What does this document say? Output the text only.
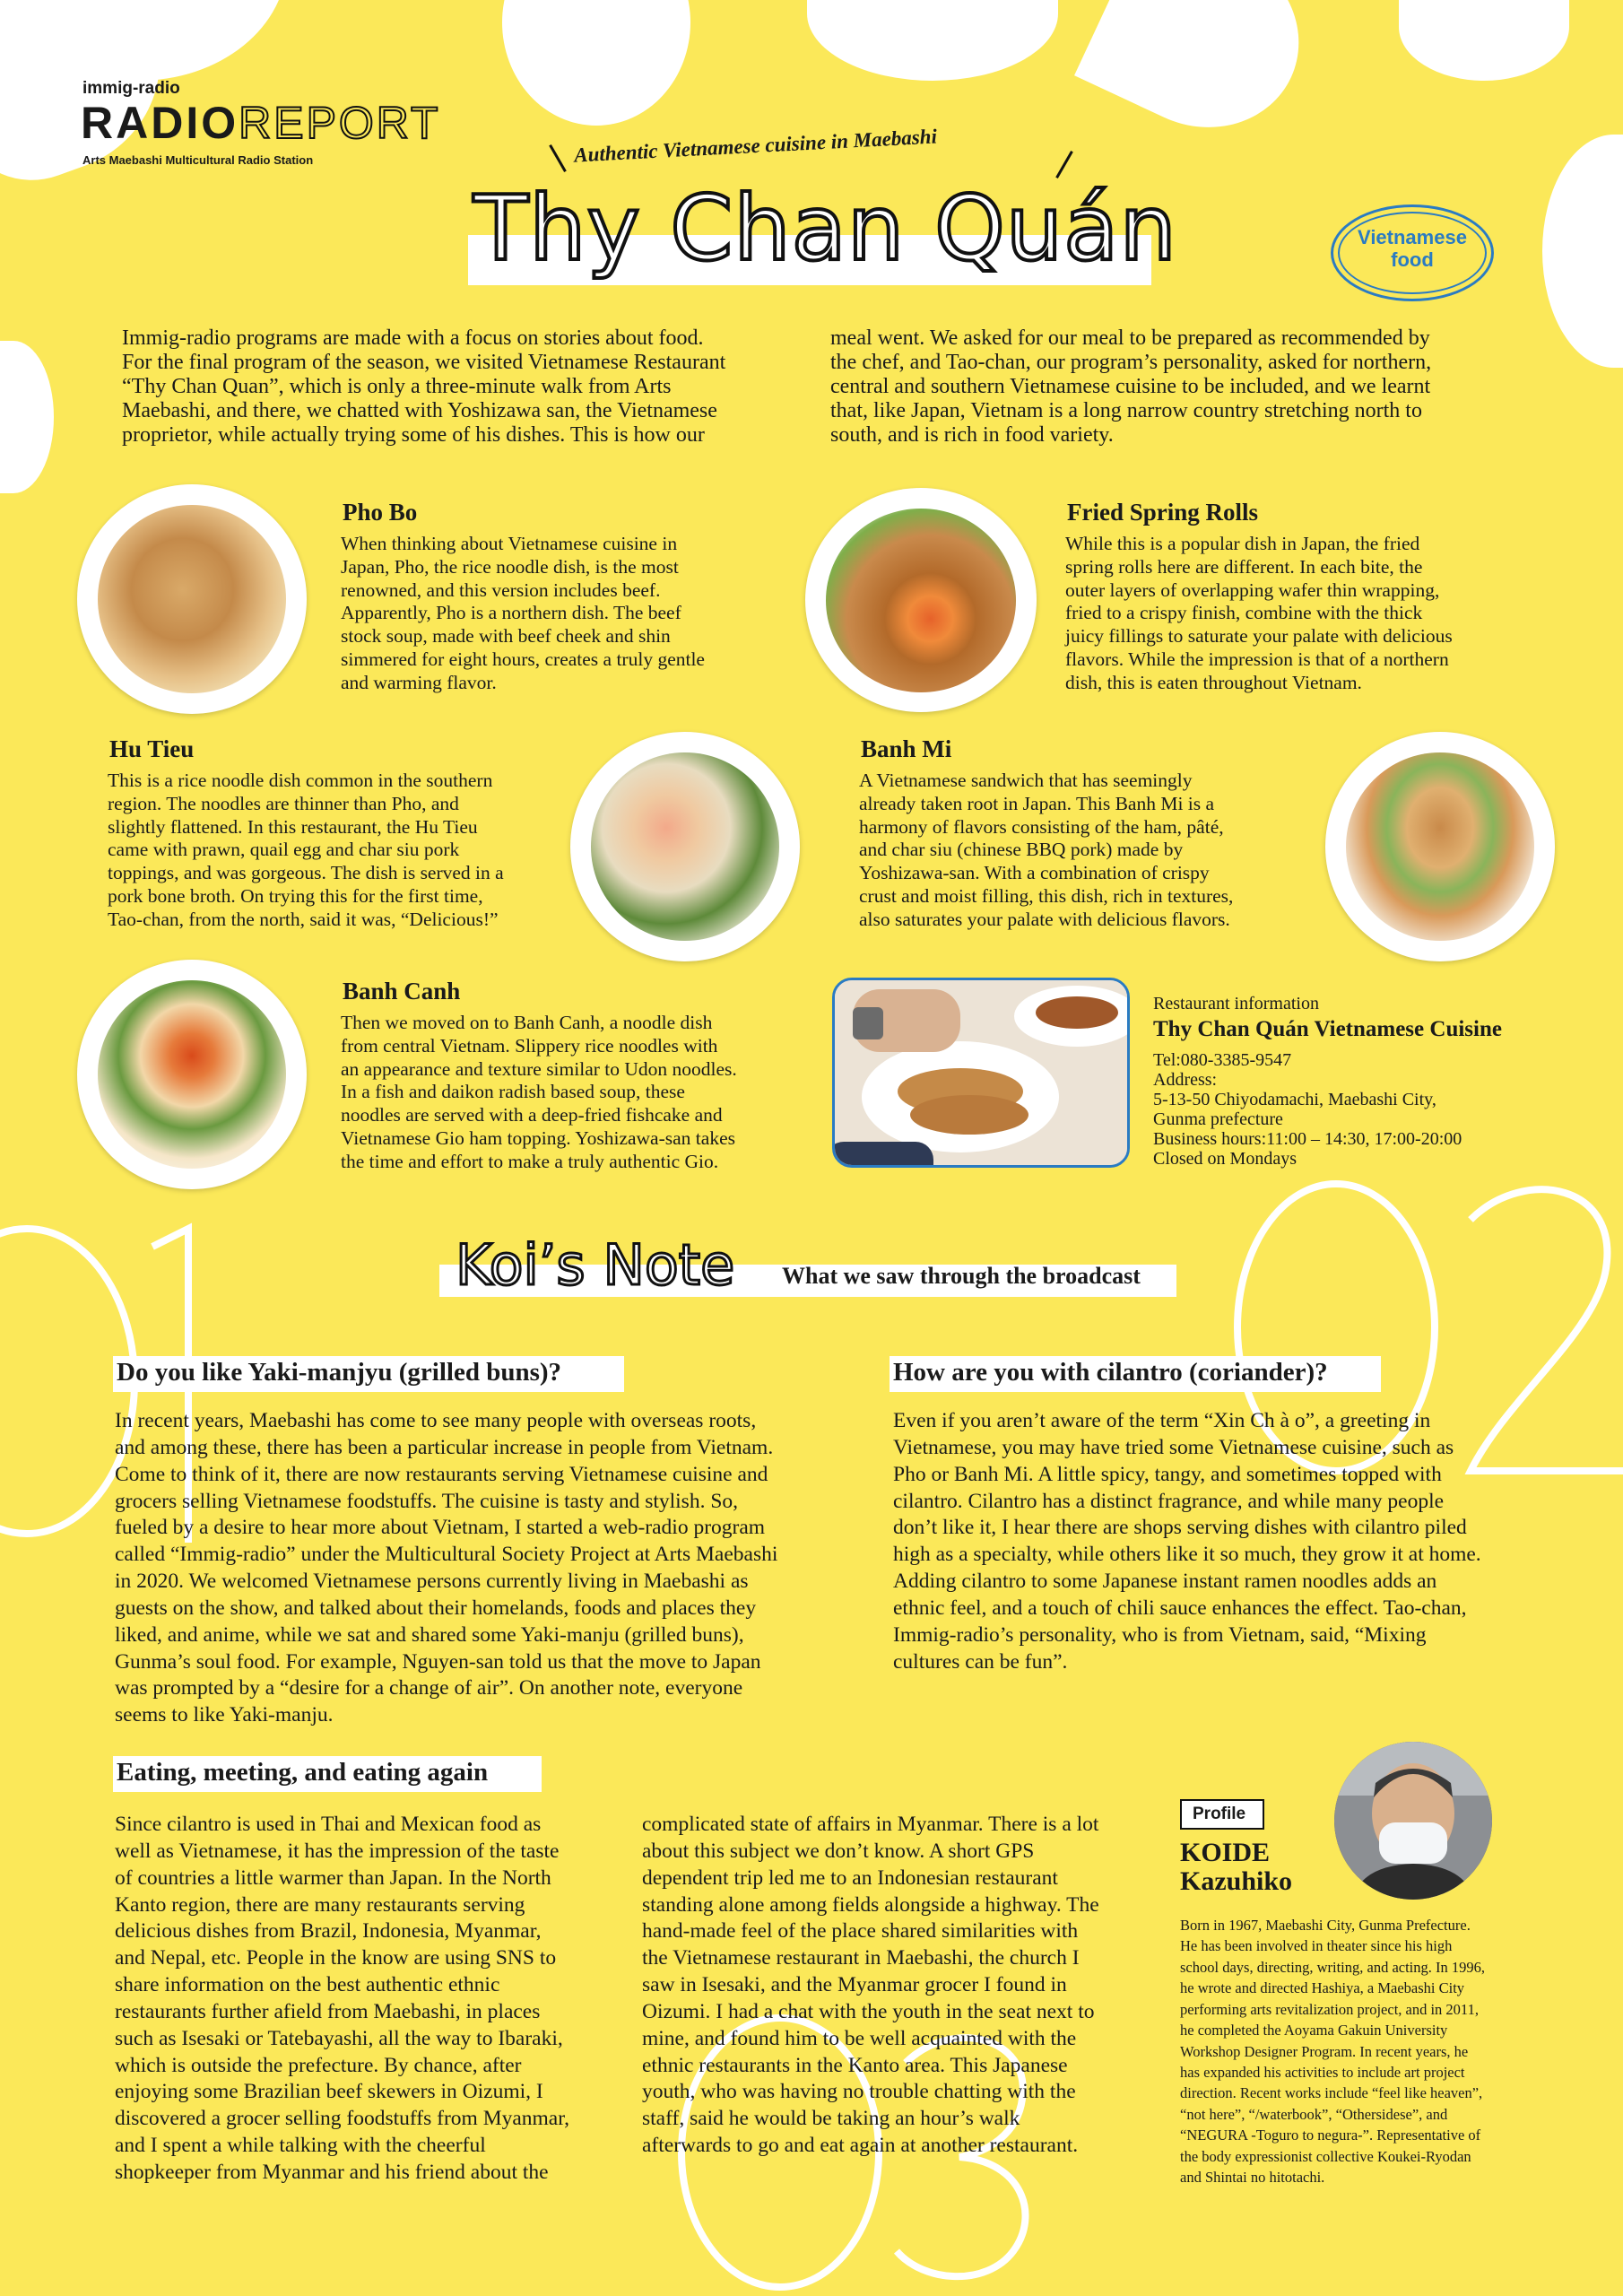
immig-radio
RADIOREPORT
Arts Maebashi Multicultural Radio Station	Authentic Vietnamese cuisine in Maebashi
Thy Chan Quán	Vietnamese
food
Immig-radio programs are made with a focus on stories about food.
For the final program of the season, we visited Vietnamese Restaurant
“Thy Chan Quan”, which is only a three-minute walk from Arts
Maebashi, and there, we chatted with Yoshizawa san, the Vietnamese
proprietor, while actually trying some of his dishes. This is how our
meal went. We asked for our meal to be prepared as recommended by
the chef, and Tao-chan, our program’s personality, asked for northern,
central and southern Vietnamese cuisine to be included, and we learnt
that, like Japan, Vietnam is a long narrow country stretching north to
south, and is rich in food variety.
Pho Bo
When thinking about Vietnamese cuisine in
Japan, Pho, the rice noodle dish, is the most
renowned, and this version includes beef.
Apparently, Pho is a northern dish. The beef
stock soup, made with beef cheek and shin
simmered for eight hours, creates a truly gentle
and warming flavor.
Fried Spring Rolls
While this is a popular dish in Japan, the fried
spring rolls here are different. In each bite, the
outer layers of overlapping wafer thin wrapping,
fried to a crispy finish, combine with the thick
juicy fillings to saturate your palate with delicious
flavors. While the impression is that of a northern
dish, this is eaten throughout Vietnam.
Hu Tieu
This is a rice noodle dish common in the southern
region. The noodles are thinner than Pho, and
slightly flattened. In this restaurant, the Hu Tieu
came with prawn, quail egg and char siu pork
toppings, and was gorgeous. The dish is served in a
pork bone broth. On trying this for the first time,
Tao-chan, from the north, said it was, “Delicious!”
Banh Mi
A Vietnamese sandwich that has seemingly
already taken root in Japan. This Banh Mi is a
harmony of flavors consisting of the ham, pâté,
and char siu (chinese BBQ pork) made by
Yoshizawa-san. With a combination of crispy
crust and moist filling, this dish, rich in textures,
also saturates your palate with delicious flavors.
Banh Canh
Then we moved on to Banh Canh, a noodle dish
from central Vietnam. Slippery rice noodles with
an appearance and texture similar to Udon noodles.
In a fish and daikon radish based soup, these
noodles are served with a deep-fried fishcake and
Vietnamese Gio ham topping. Yoshizawa-san takes
the time and effort to make a truly authentic Gio.
Restaurant information
Thy Chan Quán Vietnamese Cuisine
Tel:080-3385-9547
Address:
5-13-50 Chiyodamachi, Maebashi City,
Gunma prefecture
Business hours:11:00 – 14:30, 17:00-20:00
Closed on Mondays
Koi’s Note What we saw through the broadcast
Do you like Yaki-manjyu (grilled buns)?
In recent years, Maebashi has come to see many people with overseas roots,
and among these, there has been a particular increase in people from Vietnam.
Come to think of it, there are now restaurants serving Vietnamese cuisine and
grocers selling Vietnamese foodstuffs. The cuisine is tasty and stylish. So,
fueled by a desire to hear more about Vietnam, I started a web-radio program
called “Immig-radio” under the Multicultural Society Project at Arts Maebashi
in 2020. We welcomed Vietnamese persons currently living in Maebashi as
guests on the show, and talked about their homelands, foods and places they
liked, and anime, while we sat and shared some Yaki-manju (grilled buns),
Gunma’s soul food. For example, Nguyen-san told us that the move to Japan
was prompted by a “desire for a change of air”. On another note, everyone
seems to like Yaki-manju.
How are you with cilantro (coriander)?
Even if you aren’t aware of the term “Xin Ch à o”, a greeting in
Vietnamese, you may have tried some Vietnamese cuisine, such as
Pho or Banh Mi. A little spicy, tangy, and sometimes topped with
cilantro. Cilantro has a distinct fragrance, and while many people
don’t like it, I hear there are shops serving dishes with cilantro piled
high as a specialty, while others like it so much, they grow it at home.
Adding cilantro to some Japanese instant ramen noodles adds an
ethnic feel, and a touch of chili sauce enhances the effect. Tao-chan,
Immig-radio’s personality, who is from Vietnam, said, “Mixing
cultures can be fun”.
Eating, meeting, and eating again
Since cilantro is used in Thai and Mexican food as
well as Vietnamese, it has the impression of the taste
of countries a little warmer than Japan. In the North
Kanto region, there are many restaurants serving
delicious dishes from Brazil, Indonesia, Myanmar,
and Nepal, etc. People in the know are using SNS to
share information on the best authentic ethnic
restaurants further afield from Maebashi, in places
such as Isesaki or Tatebayashi, all the way to Ibaraki,
which is outside the prefecture. By chance, after
enjoying some Brazilian beef skewers in Oizumi, I
discovered a grocer selling foodstuffs from Myanmar,
and I spent a while talking with the cheerful
shopkeeper from Myanmar and his friend about the
complicated state of affairs in Myanmar. There is a lot
about this subject we don’t know. A short GPS
dependent trip led me to an Indonesian restaurant
standing alone among fields alongside a highway. The
hand-made feel of the place shared similarities with
the Vietnamese restaurant in Maebashi, the church I
saw in Isesaki, and the Myanmar grocer I found in
Oizumi. I had a chat with the youth in the seat next to
mine, and found him to be well acquainted with the
ethnic restaurants in the Kanto area. This Japanese
youth, who was having no trouble chatting with the
staff, said he would be taking an hour’s walk
afterwards to go and eat again at another restaurant.
Profile
KOIDE
Kazuhiko
Born in 1967, Maebashi City, Gunma Prefecture.
He has been involved in theater since his high
school days, directing, writing, and acting. In 1996,
he wrote and directed Hashiya, a Maebashi City
performing arts revitalization project, and in 2011,
he completed the Aoyama Gakuin University
Workshop Designer Program. In recent years, he
has expanded his activities to include art project
direction. Recent works include “feel like heaven”,
“not here”, “/waterbook”, “Othersidese”, and
“NEGURA -Toguro to negura-”. Representative of
the body expressionist collective Koukei-Ryodan
and Shintai no hitotachi.
